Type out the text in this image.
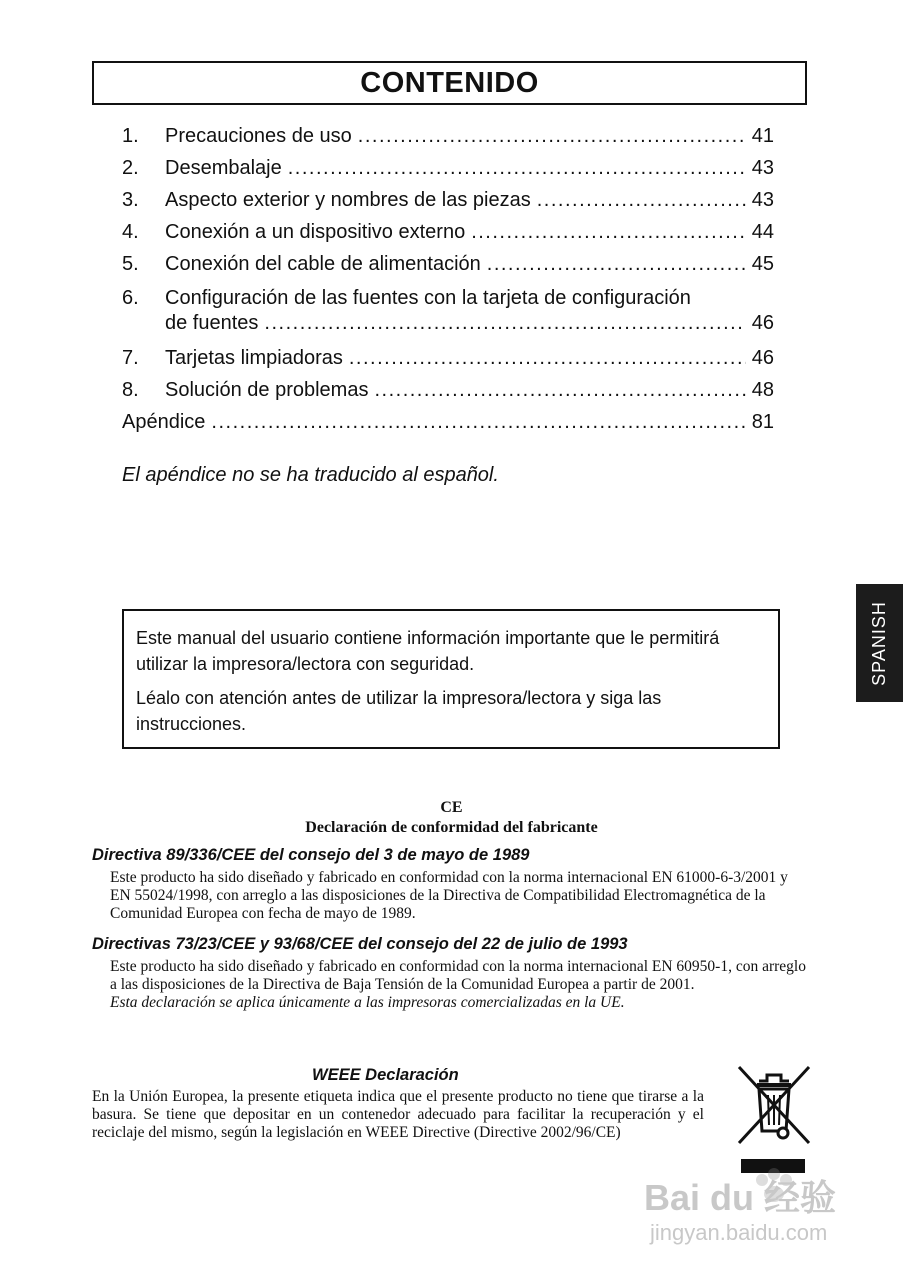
CONTENIDO
1.	Precauciones de uso .....	41
2.	Desembalaje .....	43
3.	Aspecto exterior y nombres de las piezas .....	43
4.	Conexión a un dispositivo externo .....	44
5.	Conexión del cable de alimentación .....	45
6.	Configuración de las fuentes con la tarjeta de configuración
de fuentes .....	46
7.	Tarjetas limpiadoras .....	46
8.	Solución de problemas .....	48
Apéndice .....	81
El apéndice no se ha traducido al español.
SPANISH

Este manual del usuario contiene información importante que le permitirá utilizar la impresora/lectora con seguridad.

Léalo con atención antes de utilizar la impresora/lectora y siga las instrucciones.

CE
Declaración de conformidad del fabricante
Directiva 89/336/CEE del consejo del 3 de mayo de 1989

Este producto ha sido diseñado y fabricado en conformidad con la norma internacional EN 61000-6-3/2001 y EN 55024/1998, con arreglo a las disposiciones de la Directiva de Compatibilidad Electromagnética de la Comunidad Europea con fecha de mayo de 1989.

Directivas 73/23/CEE y 93/68/CEE del consejo del 22 de julio de 1993

Este producto ha sido diseñado y fabricado en conformidad con la norma internacional EN 60950-1, con arreglo a las disposiciones de la Directiva de Baja Tensión de la Comunidad Europea a partir de 2001.

Esta declaración se aplica únicamente a las impresoras comercializadas en la UE.

WEEE Declaración
En la Unión Europea, la presente etiqueta indica que el presente producto no tiene que tirarse a la basura. Se tiene que depositar en un contenedor adecuado para facilitar la recuperación y el reciclaje del mismo, según la legislación en WEEE Directive (Directive 2002/96/CE)
Bai du 经验
jingyan.baidu.com
